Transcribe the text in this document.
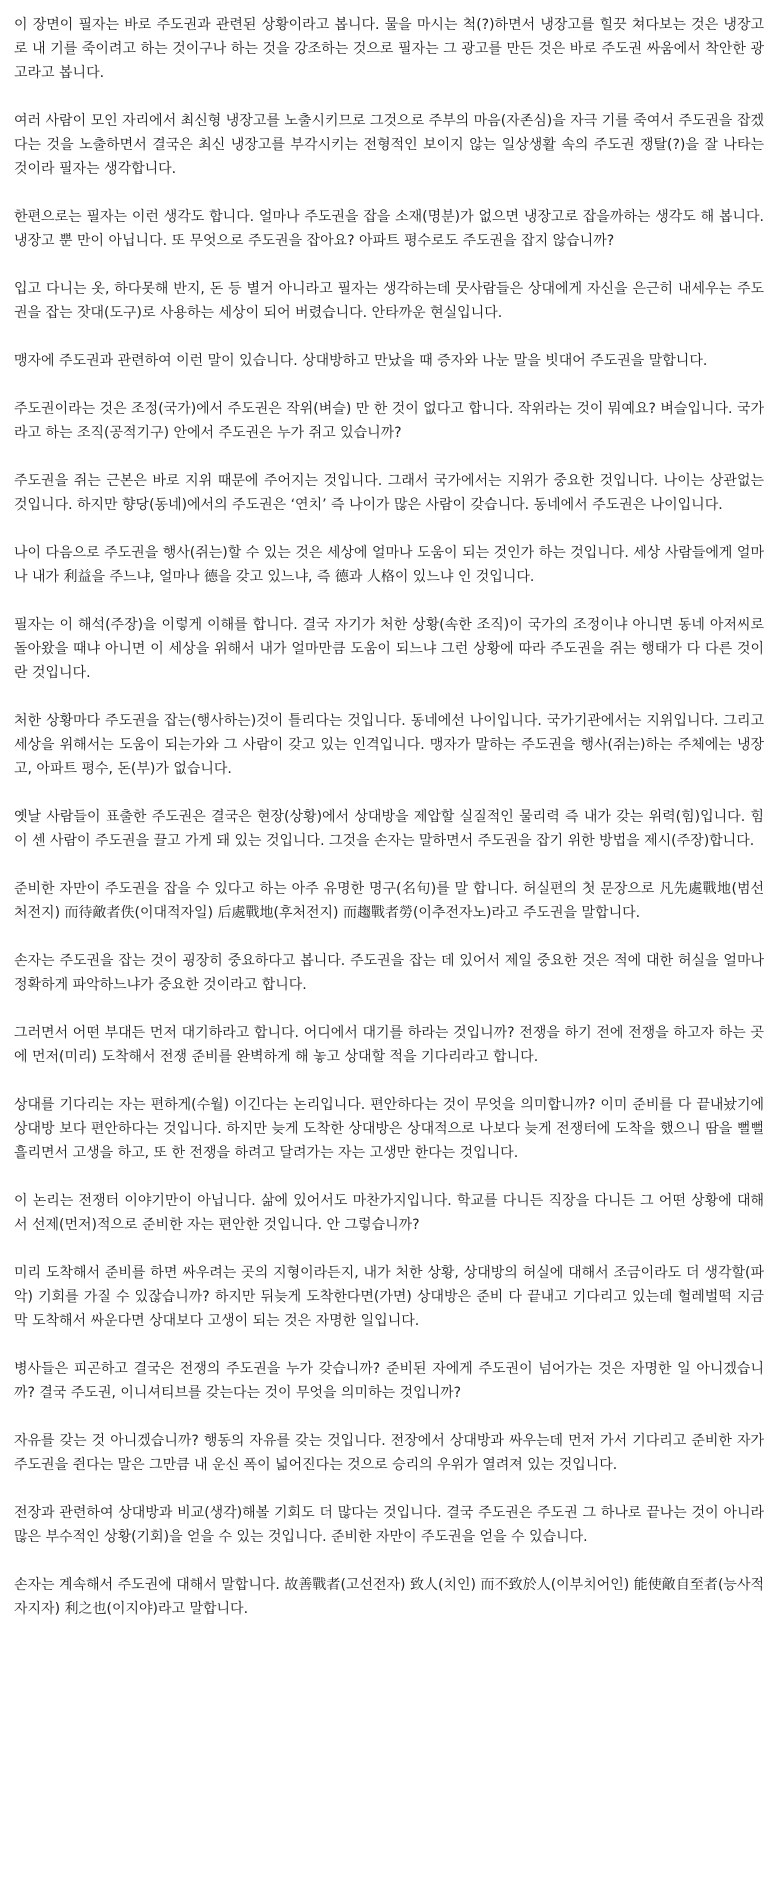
이 장면이 필자는 바로 주도권과 관련된 상황이라고 봅니다. 물을 마시는 척(?)하면서 냉장고를 힐끗 쳐다보는 것은 냉장고로 내 기를 죽이려고 하는 것이구나 하는 것을 강조하는 것으로 필자는 그 광고를 만든 것은 바로 주도권 싸움에서 착안한 광고라고 봅니다.

여러 사람이 모인 자리에서 최신형 냉장고를 노출시키므로 그것으로 주부의 마음(자존심)을 자극 기를 죽여서 주도권을 잡겠다는 것을 노출하면서 결국은 최신 냉장고를 부각시키는 전형적인 보이지 않는 일상생활 속의 주도권 쟁탈(?)을 잘 나타는 것이라 필자는 생각합니다.

한편으로는 필자는 이런 생각도 합니다. 얼마나 주도권을 잡을 소재(명분)가 없으면 냉장고로 잡을까하는 생각도 해 봅니다. 냉장고 뿐 만이 아닙니다. 또 무엇으로 주도권을 잡아요? 아파트 평수로도 주도권을 잡지 않습니까?

입고 다니는 옷, 하다못해 반지, 돈 등 별거 아니라고 필자는 생각하는데 뭇사람들은 상대에게 자신을 은근히 내세우는 주도권을 잡는 잣대(도구)로 사용하는 세상이 되어 버렸습니다. 안타까운 현실입니다.

맹자에 주도권과 관련하여 이런 말이 있습니다. 상대방하고 만났을 때 증자와 나눈 말을 빗대어 주도권을 말합니다.

주도권이라는 것은 조정(국가)에서 주도권은 작위(벼슬) 만 한 것이 없다고 합니다. 작위라는 것이 뭐예요? 벼슬입니다. 국가라고 하는 조직(공적기구) 안에서 주도권은 누가 쥐고 있습니까?

주도권을 쥐는 근본은 바로 지위 때문에 주어지는 것입니다. 그래서 국가에서는 지위가 중요한 것입니다. 나이는 상관없는 것입니다. 하지만 향당(동네)에서의 주도권은 ‘연치’ 즉 나이가 많은 사람이 갖습니다. 동네에서 주도권은 나이입니다.

나이 다음으로 주도권을 행사(쥐는)할 수 있는 것은 세상에 얼마나 도움이 되는 것인가 하는 것입니다. 세상 사람들에게 얼마나 내가 利益을 주느냐, 얼마나 德을 갖고 있느냐, 즉 德과 人格이 있느냐 인 것입니다.

필자는 이 해석(주장)을 이렇게 이해를 합니다. 결국 자기가 처한 상황(속한 조직)이 국가의 조정이냐 아니면 동네 아저씨로 돌아왔을 때냐 아니면 이 세상을 위해서 내가 얼마만큼 도움이 되느냐 그런 상황에 따라 주도권을 쥐는 행태가 다 다른 것이란 것입니다.

처한 상황마다 주도권을 잡는(행사하는)것이 틀리다는 것입니다. 동네에선 나이입니다. 국가기관에서는 지위입니다. 그리고 세상을 위해서는 도움이 되는가와 그 사람이 갖고 있는 인격입니다. 맹자가 말하는 주도권을 행사(쥐는)하는 주체에는 냉장고, 아파트 평수, 돈(부)가 없습니다.

옛날 사람들이 표출한 주도권은 결국은 현장(상황)에서 상대방을 제압할 실질적인 물리력 즉 내가 갖는 위력(힘)입니다. 힘이 센 사람이 주도권을 끌고 가게 돼 있는 것입니다. 그것을 손자는 말하면서 주도권을 잡기 위한 방법을 제시(주장)합니다.

준비한 자만이 주도권을 잡을 수 있다고 하는 아주 유명한 명구(名句)를 말 합니다. 허실편의 첫 문장으로 凡先處戰地(범선처전지) 而待敵者佚(이대적자일) 后處戰地(후처전지) 而趨戰者勞(이추전자노)라고 주도권을 말합니다.

손자는 주도권을 잡는 것이 굉장히 중요하다고 봅니다. 주도권을 잡는 데 있어서 제일 중요한 것은 적에 대한 허실을 얼마나 정확하게 파악하느냐가 중요한 것이라고 합니다.

그러면서 어떤 부대든 먼저 대기하라고 합니다. 어디에서 대기를 하라는 것입니까? 전쟁을 하기 전에 전쟁을 하고자 하는 곳에 먼저(미리) 도착해서 전쟁 준비를 완벽하게 해 놓고 상대할 적을 기다리라고 합니다.

상대를 기다리는 자는 편하게(수월) 이긴다는 논리입니다. 편안하다는 것이 무엇을 의미합니까? 이미 준비를 다 끝내놨기에 상대방 보다 편안하다는 것입니다. 하지만 늦게 도착한 상대방은 상대적으로 나보다 늦게 전쟁터에 도착을 했으니 땀을 뻘뻘 흘리면서 고생을 하고, 또 한 전쟁을 하려고 달려가는 자는 고생만 한다는 것입니다.

이 논리는 전쟁터 이야기만이 아닙니다. 삶에 있어서도 마찬가지입니다. 학교를 다니든 직장을 다니든 그 어떤 상황에 대해서 선제(먼저)적으로 준비한 자는 편안한 것입니다. 안 그렇습니까?

미리 도착해서 준비를 하면 싸우려는 곳의 지형이라든지, 내가 처한 상황, 상대방의 허실에 대해서 조금이라도 더 생각할(파악) 기회를 가질 수 있잖습니까? 하지만 뒤늦게 도착한다면(가면) 상대방은 준비 다 끝내고 기다리고 있는데 헐레벌떡 지금 막 도착해서 싸운다면 상대보다 고생이 되는 것은 자명한 일입니다.

병사들은 피곤하고 결국은 전쟁의 주도권을 누가 갖습니까? 준비된 자에게 주도권이 넘어가는 것은 자명한 일 아니겠습니까? 결국 주도권, 이니셔티브를 갖는다는 것이 무엇을 의미하는 것입니까?

자유를 갖는 것 아니겠습니까? 행동의 자유를 갖는 것입니다. 전장에서 상대방과 싸우는데 먼저 가서 기다리고 준비한 자가 주도권을 쥔다는 말은 그만큼 내 운신 폭이 넓어진다는 것으로 승리의 우위가 열려져 있는 것입니다.

전장과 관련하여 상대방과 비교(생각)해볼 기회도 더 많다는 것입니다. 결국 주도권은 주도권 그 하나로 끝나는 것이 아니라 많은 부수적인 상황(기회)을 얻을 수 있는 것입니다. 준비한 자만이 주도권을 얻을 수 있습니다.

손자는 계속해서 주도권에 대해서 말합니다. 故善戰者(고선전자) 致人(치인) 而不致於人(이부치어인) 能使敵自至者(능사적자지자) 利之也(이지야)라고 말합니다.
